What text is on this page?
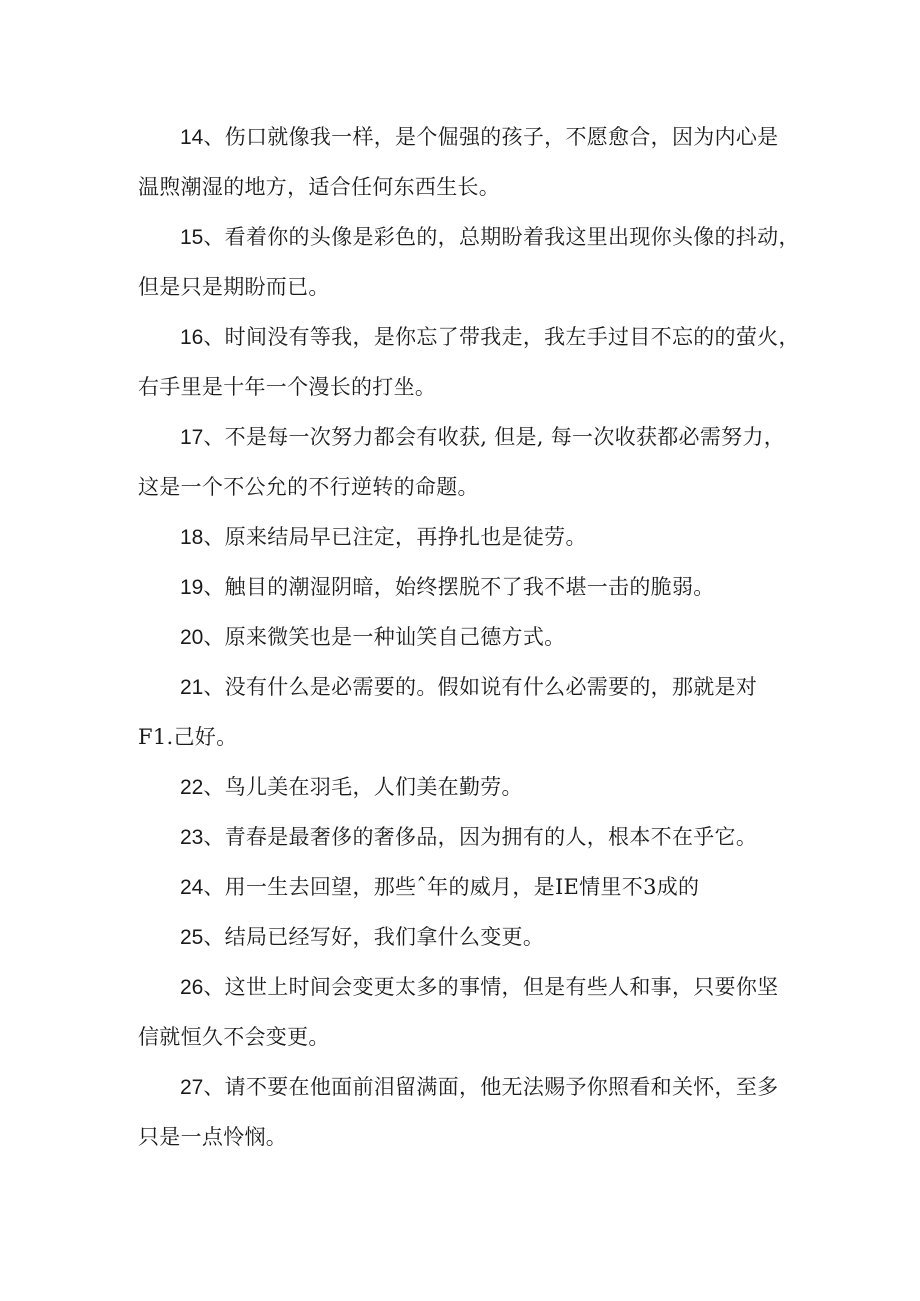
14、伤口就像我一样，是个倔强的孩子，不愿愈合，因为内心是
温煦潮湿的地方，适合任何东西生长。
15、看着你的头像是彩色的，总期盼着我这里出现你头像的抖动，
但是只是期盼而已。
16、时间没有等我，是你忘了带我走，我左手过目不忘的的萤火，
右手里是十年一个漫长的打坐。
17、不是每一次努力都会有收获, 但是, 每一次收获都必需努力，
这是一个不公允的不行逆转的命题。
18、原来结局早已注定，再挣扎也是徒劳。
19、触目的潮湿阴暗，始终摆脱不了我不堪一击的脆弱。
20、原来微笑也是一种讪笑自己德方式。
21、没有什么是必需要的。假如说有什么必需要的，那就是对
F1.己好。
22、鸟儿美在羽毛，人们美在勤劳。
23、青春是最奢侈的奢侈品，因为拥有的人，根本不在乎它。
24、用一生去回望，那些ˆ年的威月，是IE情里不3成的
25、结局已经写好，我们拿什么变更。
26、这世上时间会变更太多的事情，但是有些人和事，只要你坚
信就恒久不会变更。
27、请不要在他面前泪留满面，他无法赐予你照看和关怀，至多
只是一点怜悯。
